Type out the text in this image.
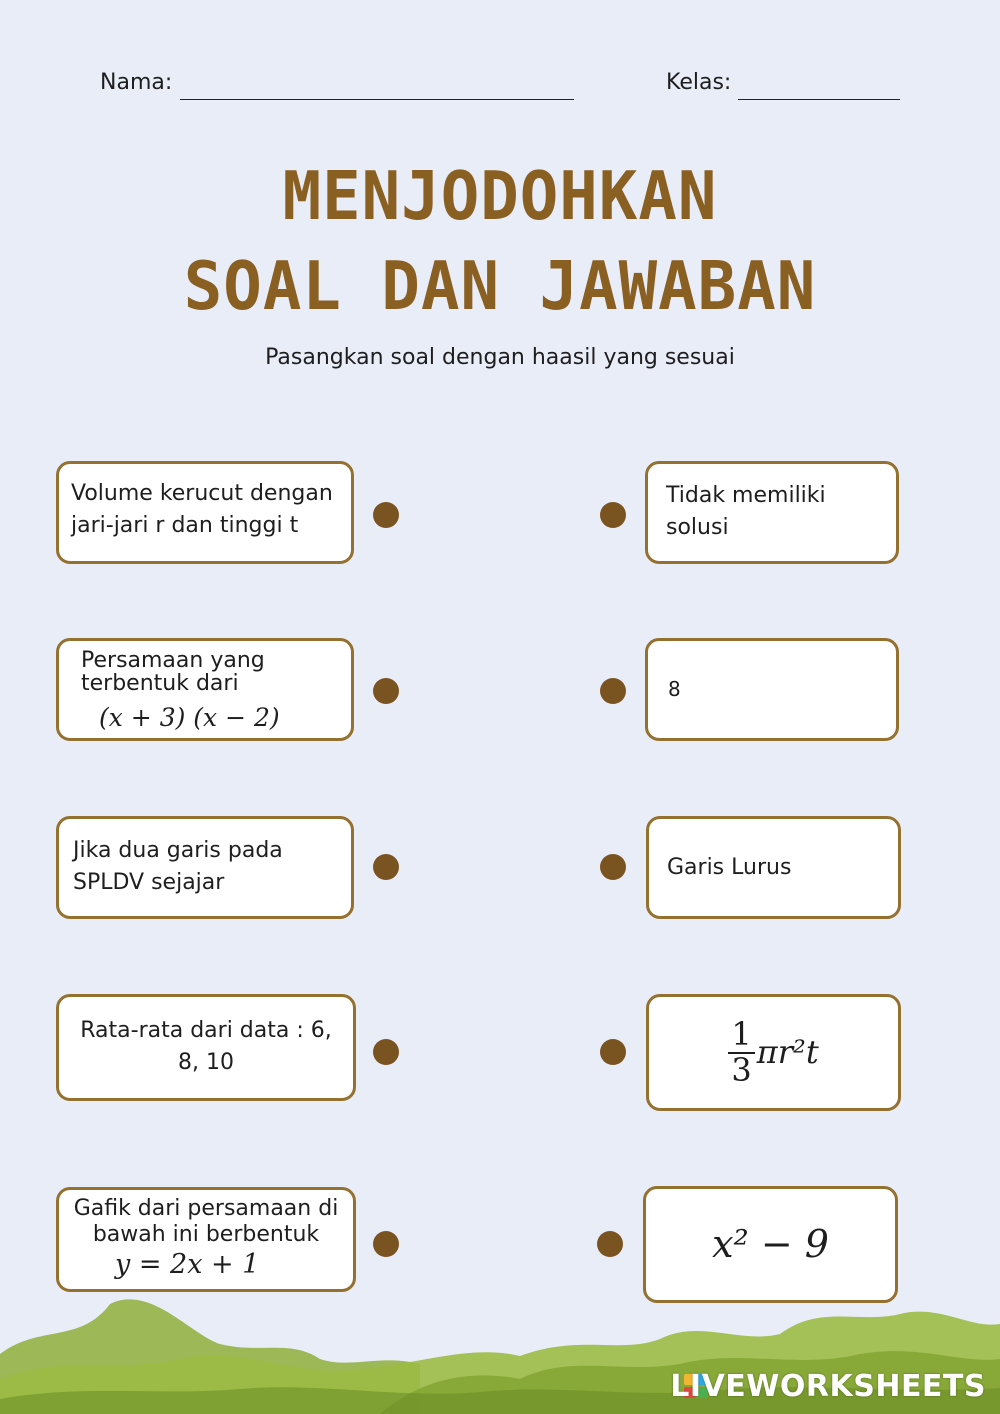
Nama:	Kelas:
MENJODOHKAN
SOAL DAN JAWABAN
Pasangkan soal dengan haasil yang sesuai
Volume kerucut dengan jari-jari r dan tinggi t
Persamaan yang terbentuk dari
(x + 3) (x − 2)
Jika dua garis pada SPLDV sejajar
Rata-rata dari data : 6, 8, 10
Gafik dari persamaan di bawah ini berbentuk
y = 2x + 1
Tidak memiliki solusi
8
Garis Lurus
$\frac{1}{3} \pi r^2t$
x² − 9
LIVEWORKSHEETS
